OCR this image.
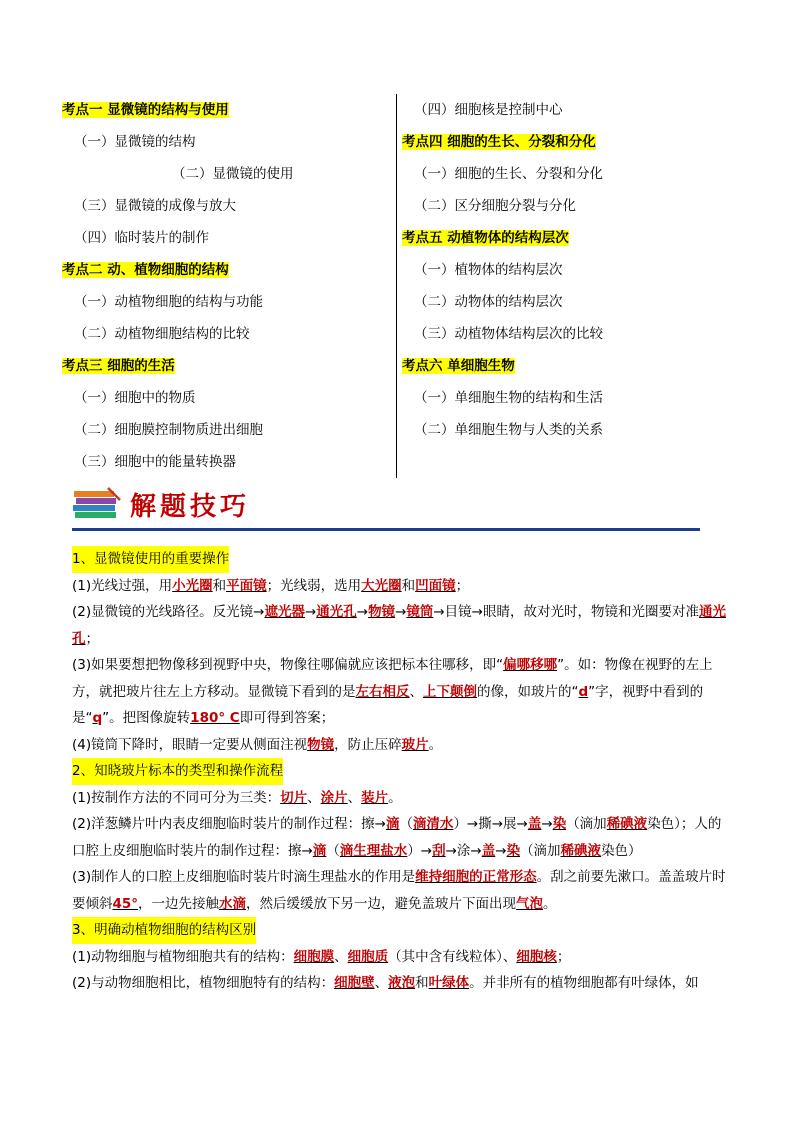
考点一 显微镜的结构与使用
（一）显微镜的结构
（二）显微镜的使用
（三）显微镜的成像与放大
（四）临时装片的制作
考点二 动、植物细胞的结构
（一）动植物细胞的结构与功能
（二）动植物细胞结构的比较
考点三 细胞的生活
（一）细胞中的物质
（二）细胞膜控制物质进出细胞
（三）细胞中的能量转换器
（四）细胞核是控制中心
考点四 细胞的生长、分裂和分化
（一）细胞的生长、分裂和分化
（二）区分细胞分裂与分化
考点五 动植物体的结构层次
（一）植物体的结构层次
（二）动物体的结构层次
（三）动植物体结构层次的比较
考点六 单细胞生物
（一）单细胞生物的结构和生活
（二）单细胞生物与人类的关系
解题技巧

1、显微镜使用的重要操作

(1)光线过强，用小光圈和平面镜；光线弱，选用大光圈和凹面镜；

(2)显微镜的光线路径。反光镜→遮光器→通光孔→物镜→镜筒→目镜→眼睛，故对光时，物镜和光圈要对准通光孔；

(3)如果要想把物像移到视野中央，物像往哪偏就应该把标本往哪移，即“偏哪移哪”。如：物像在视野的左上方，就把玻片往左上方移动。显微镜下看到的是左右相反、上下颠倒的像，如玻片的“d”字，视野中看到的是“q”。把图像旋转180° C即可得到答案；

(4)镜筒下降时，眼睛一定要从侧面注视物镜，防止压碎玻片。

2、知晓玻片标本的类型和操作流程

(1)按制作方法的不同可分为三类：切片、涂片、装片。

(2)洋葱鳞片叶内表皮细胞临时装片的制作过程：擦→滴（滴清水）→撕→展→盖→染（滴加稀碘液染色）；人的口腔上皮细胞临时装片的制作过程：擦→滴（滴生理盐水）→刮→涂→盖→染（滴加稀碘液染色）

(3)制作人的口腔上皮细胞临时装片时滴生理盐水的作用是维持细胞的正常形态。刮之前要先漱口。盖盖玻片时要倾斜45°，一边先接触水滴，然后缓缓放下另一边，避免盖玻片下面出现气泡。

3、明确动植物细胞的结构区别

(1)动物细胞与植物细胞共有的结构：细胞膜、细胞质（其中含有线粒体）、细胞核；

(2)与动物细胞相比，植物细胞特有的结构：细胞壁、液泡和叶绿体。并非所有的植物细胞都有叶绿体，如
